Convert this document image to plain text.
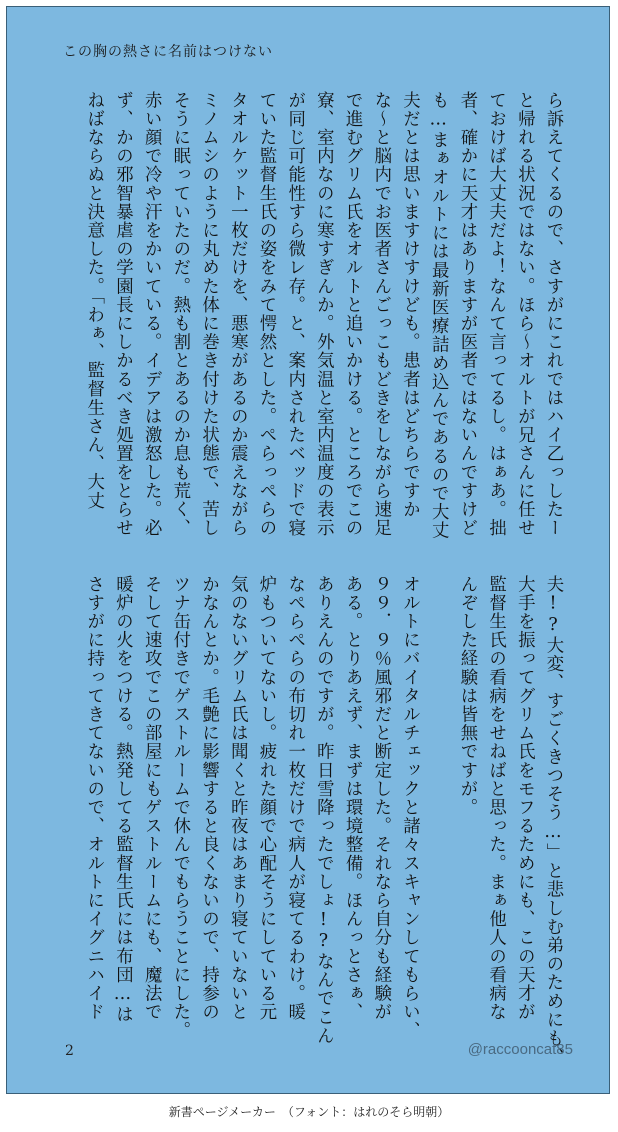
この胸の熱さに名前はつけない
ら訴えてくるので、さすがにこれではハイ乙っしたー
と帰れる状況ではない。ほら～オルトが兄さんに任せ
ておけば大丈夫だよ！なんて言ってるし。はぁあ。拙
者、確かに天才はありますが医者ではないんですけど
も…まぁオルトには最新医療詰め込んであるので大丈
夫だとは思いますけすけども。患者はどちらですか
な～と脳内でお医者さんごっこもどきをしながら速足
で進むグリム氏をオルトと追いかける。ところでこの
寮、室内なのに寒すぎんか。外気温と室内温度の表示
が同じ可能性すら微レ存。と、案内されたベッドで寝
ていた監督生氏の姿をみて愕然とした。ぺらっぺらの
タオルケット一枚だけを、悪寒があるのか震えながら
ミノムシのように丸めた体に巻き付けた状態で、苦し
そうに眠っていたのだ。熱も割とあるのか息も荒く、
赤い顔で冷や汗をかいている。イデアは激怒した。必
ず、かの邪智暴虐の学園長にしかるべき処置をとらせ
ねばならぬと決意した。「わぁ、監督生さん、大丈
夫!?大変、すごくきつそう…」と悲しむ弟のためにも、
大手を振ってグリム氏をモフるためにも、この天才が
監督生氏の看病をせねばと思った。まぁ他人の看病な
んぞした経験は皆無ですが。
オルトにバイタルチェックと諸々スキャンしてもらい、
９９．９％風邪だと断定した。それなら自分も経験が
ある。とりあえず、まずは環境整備。ほんっとさぁ、
ありえんのですが。昨日雪降ったでしょ!?なんでこん
なぺらぺらの布切れ一枚だけで病人が寝てるわけ。暖
炉もついてないし。疲れた顔で心配そうにしている元
気のないグリム氏は聞くと昨夜はあまり寝ていないと
かなんとか。毛艶に影響すると良くないので、持参の
ツナ缶付きでゲストルームで休んでもらうことにした。
そして速攻でこの部屋にもゲストルームにも、魔法で
暖炉の火をつける。熱発してる監督生氏には布団…は
さすがに持ってきてないので、オルトにイグニハイド
2	@raccooncat85
新書ページメーカー　（フォント：はれのそら明朝）
